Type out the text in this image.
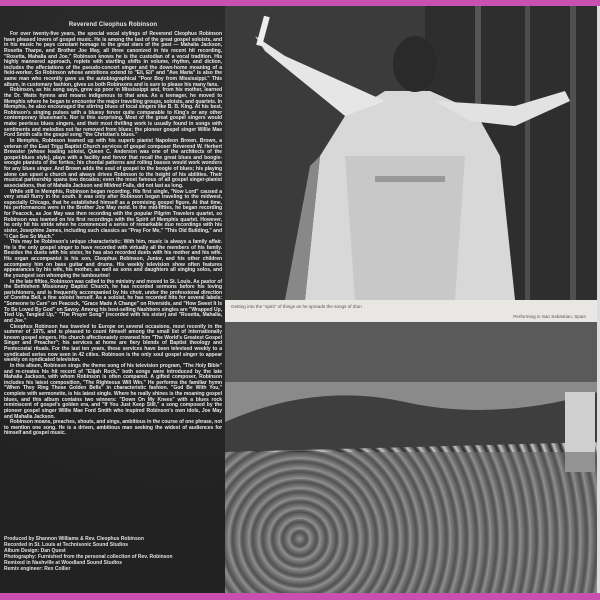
Reverend Cleophus Robinson

For over twenty-five years, the special vocal stylings of Reverend Cleophus Robinson have pleased lovers of gospel music. He is among the last of the great gospel soloists, and in his music he pays constant homage to the great stars of the past — Mahalia Jackson, Rosetta Tharpe, and Brother Joe May, all three canonized in his recent hit recording, "Rosetta, Mahalia and Joe." Robinson knows he is the custodian of a vocal tradition. His highly mannered approach, replete with startling shifts in volume, rhythm, and diction, includes the affectations of the pseudo-concert singer and the down-home moaning of a field-worker. So Robinson whose ambitions extend to "Eli, Eli" and "Ave Maria" is also the same man who recently gave us the autobiographical "Poor Boy from Mississippi." This album, in customary fashion, gives us both Robinsons and is sure to please his many fans.

Robinson, as his song says, grew up poor in Mississippi and, from his mother, learned the Dr. Watts hymns and moans indigenous to that area. As a teenager, he moved to Memphis where he began to encounter the major travelling groups, soloists, and quartets. In Memphis, he also encouraged the stirring blues of local singers like B. B. King. At his best, Robinson's singing pulses with a bluesy fervor quite comparable to King's or any other contemporary bluesman's. Nor is this surprising. Most of the great gospel singers would make peerless blues singers, and their most thrilling work is usually found in songs with sentiments and melodies not far removed from blues; the pioneer gospel singer Willie Mae Ford Smith calls the gospel song "the Christian's blues."

In Memphis, Robinson teamed up with his superb pianist Napoleon Brown. Brown, a veteran of the East Trigg Baptist Church services of gospel composer Reverend W. Herbert Brewster (whose leading soloist, Queen C. Anderson was one of the architects of the gospel-blues style), plays with a facility and fervor that recall the great blues and boogie-woogie pianists of the forties; his chordal patterns and rolling basses would work wonders for any blues singer. And Brown adds the soul of gospel to the boogie of blues; his playing alone can upset a church and always drives Robinson to the height of his abilities. Their musical partnership spans two decades; even the most famous of all gospel singer-pianist associations, that of Mahalia Jackson and Mildred Falls, did not last as long.

While still in Memphis, Robinson began recording. His first single, "Now Lord" caused a very small flurry in the south. It was only after Robinson began traveling to the midwest, especially Chicago, that he established himself as a promising gospel figure. At that time, his performances were in the Brother Joe May mold. In the mid-fifties, he began recording for Peacock, as Joe May was then recording with the popular Pilgrim Travelers quartet, so Robinson was teamed on his first recordings with the Spirit of Memphis quartet. However, he only hit his stride when he commenced a series of remarkable duo recordings with his sister, Josephine James, including such classics as "Pray For Me," "This Old Building," and "I Can See So Much."

This may be Robinson's unique characteristic: With him, music is always a family affair. He is the only gospel singer to have recorded with virtually all the members of his family. Besides the duets with his sister, he has also recorded duets with his mother and his wife. His organ accompanist is his son, Cleophus Robinson, Junior, and his other children accompany him on bass guitar and drums. His weekly television show often features appearances by his wife, his mother, as well as sons and daughters all singing solos, and the youngest son whomping the tambourine!

In the late fifties, Robinson was called to the ministry and moved to St. Louis. As pastor of the Bethlehem Missionary Baptist Church, he has recorded sermons before his loving parishioners, and is frequently accompanied by his choir, under the professional direction of Coretha Bell, a fine soloist herself. As a soloist, he has recorded hits for several labels: "Someone to Care" on Peacock, "Grace Made A Change" on Riverside, and "How Sweet It Is To Be Loved By God" on Savoy. Among his best-selling Nashboro singles are "Wrapped Up, Tied Up, Tangled Up," "The Prayer Song" (recorded with his sister) and "Rosetta, Mahalia, and Joe."

Cleophus Robinson has traveled to Europe on several occasions, most recently in the summer of 1975, and is pleased to count himself among the small list of internationally known gospel singers. His church affectionately crowned him "The World's Greatest Gospel Singer and Preacher"; his services at home are fiery blends of Baptist theology and Pentecostal rituals. For the last ten years, these services have been televised weekly to a syndicated series now seen in 42 cities. Robinson is the only soul gospel singer to appear weekly on syndicated television.

In this album, Robinson sings the theme song of his television program, "The Holy Bible" and re-creates his hit record of "Elijah Rock," both songs were introduced by the late Mahalia Jackson, with whom Robinson is often compared. A gifted composer, Robinson includes his latest composition, "The Righteous Will Win." He performs the familiar hymn "When They Ring Those Golden Bells" in characteristic fashion. "God Be With You," complete with sermonette, is his latest single. Where he really shines is the moaning gospel blues, and this album contains two winners: "Down On My Knees" with a blues rock reminiscent of gospel's golden era, and "If You Just Keep Still," a song composed by the pioneer gospel singer Willie Mae Ford Smith who inspired Robinson's own idols, Joe May and Mahalia Jackson.

Robinson moans, preaches, shouts, and sings, ambitious in the course of one phrase, not to mention one song. He is a driven, ambitious man seeking the widest of audiences for himself and gospel music.

Produced by Shannon Williams & Rev. Cleophus Robinson
Recorded in St. Louis at Technisonic Sound Studios
Album Design: Dan Quest
Photography: Furnished from the personal collection of Rev. Robinson
Remixed in Nashville at Woodland Sound Studios
Remix engineer: Rex Collier
Getting into the "spirit" of things as he spreads the songs of Zion
Performing in San Sebastian, Spain
